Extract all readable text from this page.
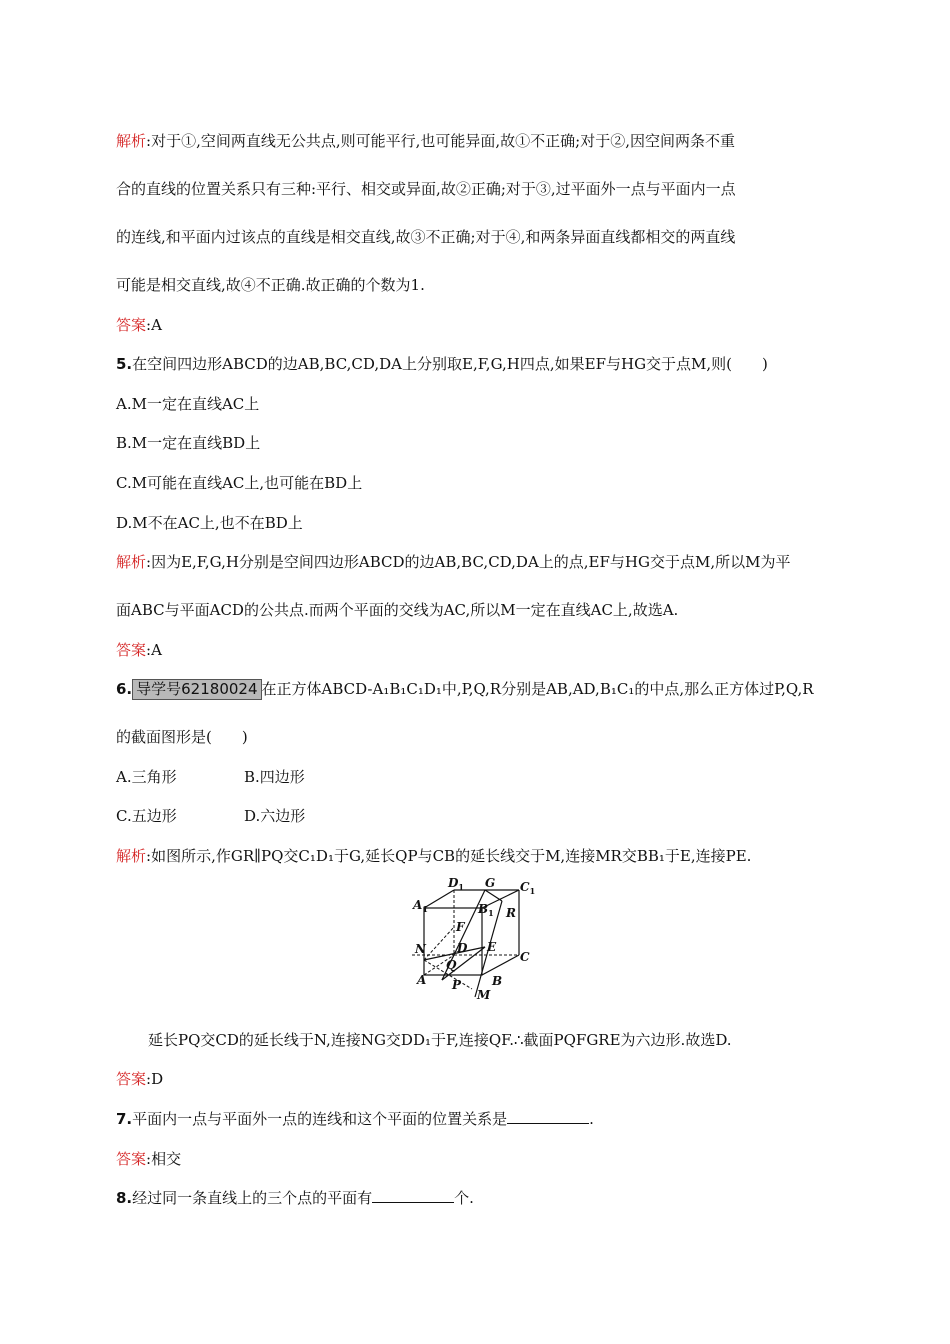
解析:对于①,空间两直线无公共点,则可能平行,也可能异面,故①不正确;对于②,因空间两条不重
合的直线的位置关系只有三种:平行、相交或异面,故②正确;对于③,过平面外一点与平面内一点
的连线,和平面内过该点的直线是相交直线,故③不正确;对于④,和两条异面直线都相交的两直线
可能是相交直线,故④不正确.故正确的个数为1.
答案:A
5.在空间四边形ABCD的边AB,BC,CD,DA上分别取E,F,G,H四点,如果EF与HG交于点M,则(　　)
A.M一定在直线AC上
B.M一定在直线BD上
C.M可能在直线AC上,也可能在BD上
D.M不在AC上,也不在BD上
解析:因为E,F,G,H分别是空间四边形ABCD的边AB,BC,CD,DA上的点,EF与HG交于点M,所以M为平
面ABC与平面ACD的公共点.而两个平面的交线为AC,所以M一定在直线AC上,故选A.
答案:A
6. 导学号62180024 在正方体ABCD-A₁B₁C₁D₁中,P,Q,R分别是AB,AD,B₁C₁的中点,那么正方体过P,Q,R
的截面图形是(　　)
A.三角形	B.四边形
C.五边形	D.六边形
解析:如图所示,作GR∥PQ交C₁D₁于G,延长QP与CB的延长线交于M,连接MR交BB₁于E,连接PE.
$D_1$ G $C_1$
$A_1$	$B_1$ R
F
N	D E
C
Q
A P	B
M
延长PQ交CD的延长线于N,连接NG交DD₁于F,连接QF.∴截面PQFGRE为六边形.故选D.
答案:D
7.平面内一点与平面外一点的连线和这个平面的位置关系是	.
答案:相交
8.经过同一条直线上的三个点的平面有	个.
